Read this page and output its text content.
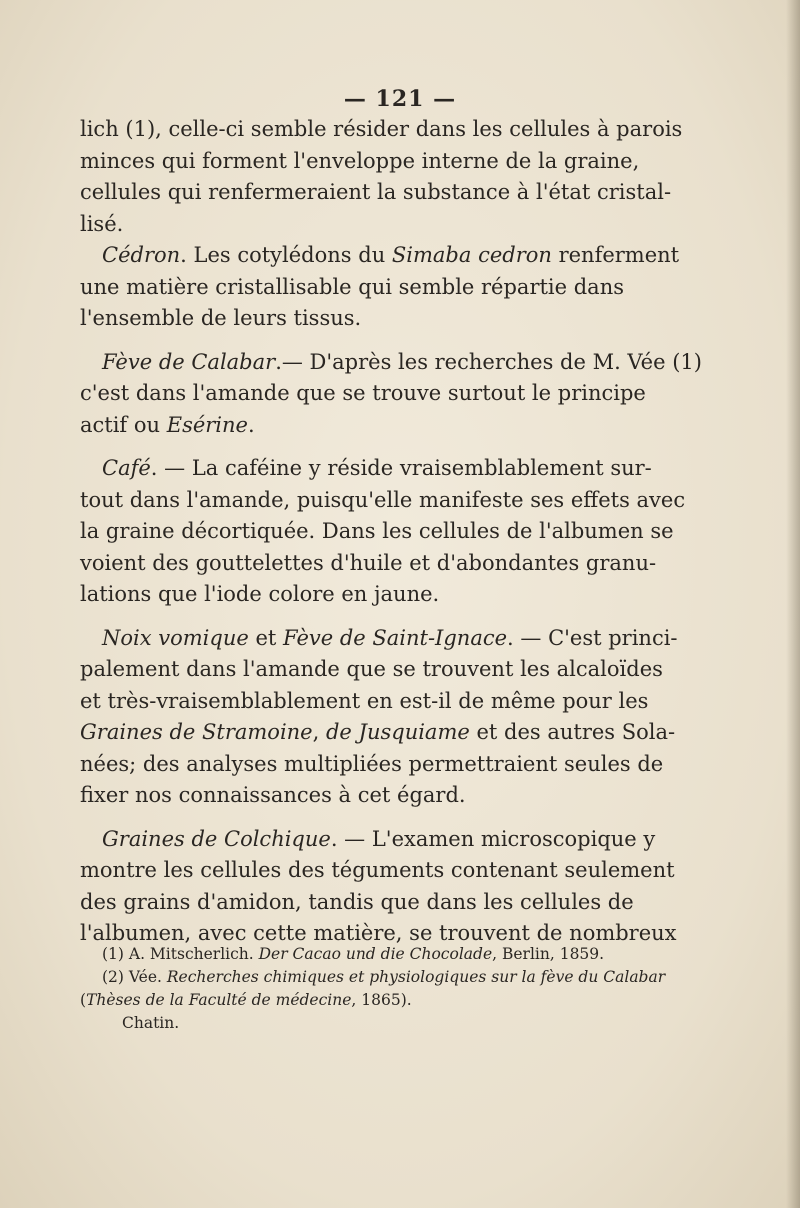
— 121 —
lich (1), celle-ci semble résider dans les cellules à parois
minces qui forment l'enveloppe interne de la graine,
cellules qui renfermeraient la substance à l'état cristal-
lisé.
Cédron. Les cotylédons du Simaba cedron renferment
une matière cristallisable qui semble répartie dans
l'ensemble de leurs tissus.
Fève de Calabar.— D'après les recherches de M. Vée (1)
c'est dans l'amande que se trouve surtout le principe
actif ou Esérine.
Café. — La caféine y réside vraisemblablement sur-
tout dans l'amande, puisqu'elle manifeste ses effets avec
la graine décortiquée. Dans les cellules de l'albumen se
voient des gouttelettes d'huile et d'abondantes granu-
lations que l'iode colore en jaune.
Noix vomique et Fève de Saint-Ignace. — C'est princi-
palement dans l'amande que se trouvent les alcaloïdes
et très-vraisemblablement en est-il de même pour les
Graines de Stramoine, de Jusquiame et des autres Sola-
nées; des analyses multipliées permettraient seules de
fixer nos connaissances à cet égard.
Graines de Colchique. — L'examen microscopique y
montre les cellules des téguments contenant seulement
des grains d'amidon, tandis que dans les cellules de
l'albumen, avec cette matière, se trouvent de nombreux
(1) A. Mitscherlich. Der Cacao und die Chocolade, Berlin, 1859.
(2) Vée. Recherches chimiques et physiologiques sur la fève du Calabar
(Thèses de la Faculté de médecine, 1865).
Chatin.
